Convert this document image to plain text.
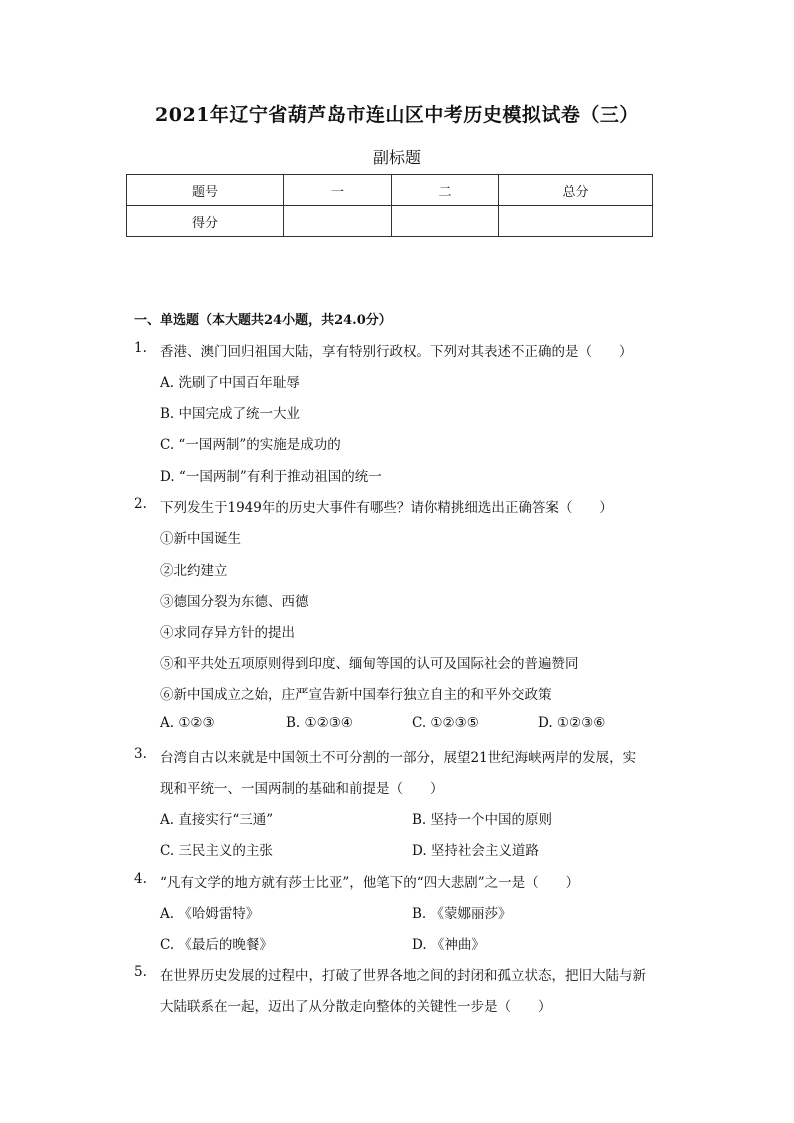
2021年辽宁省葫芦岛市连山区中考历史模拟试卷（三）
副标题
题号	一	二	总分
得分			
一、单选题（本大题共24小题，共24.0分）
1. 香港、澳门回归祖国大陆，享有特别行政权。下列对其表述不正确的是（　　）
A. 洗刷了中国百年耻辱
B. 中国完成了统一大业
C. “一国两制”的实施是成功的
D. “一国两制”有利于推动祖国的统一
2. 下列发生于1949年的历史大事件有哪些？请你精挑细选出正确答案（　　）
①新中国诞生
②北约建立
③德国分裂为东德、西德
④求同存异方针的提出
⑤和平共处五项原则得到印度、缅甸等国的认可及国际社会的普遍赞同
⑥新中国成立之始，庄严宣告新中国奉行独立自主的和平外交政策
A. ①②③	B. ①②③④	C. ①②③⑤	D. ①②③⑥
3. 台湾自古以来就是中国领土不可分割的一部分，展望21世纪海峡两岸的发展，实
现和平统一、一国两制的基础和前提是（　　）
A. 直接实行“三通”	B. 坚持一个中国的原则
C. 三民主义的主张	D. 坚持社会主义道路
4. “凡有文学的地方就有莎士比亚”，他笔下的“四大悲剧”之一是（　　）
A. 《哈姆雷特》	B. 《蒙娜丽莎》
C. 《最后的晚餐》	D. 《神曲》
5. 在世界历史发展的过程中，打破了世界各地之间的封闭和孤立状态，把旧大陆与新
大陆联系在一起，迈出了从分散走向整体的关键性一步是（　　）
